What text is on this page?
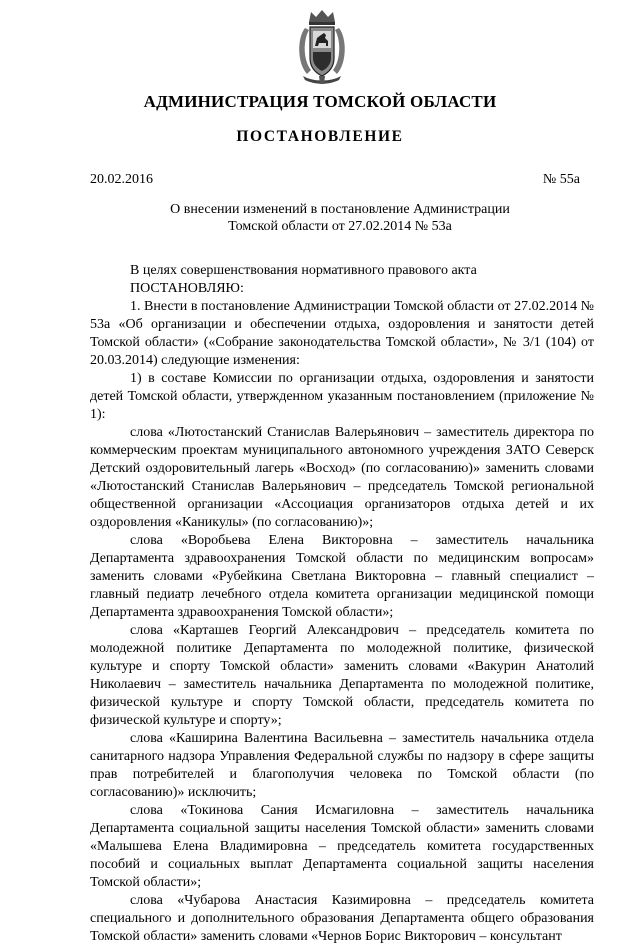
АДМИНИСТРАЦИЯ ТОМСКОЙ ОБЛАСТИ
ПОСТАНОВЛЕНИЕ
20.02.2016	№ 55а
О внесении изменений в постановление Администрации
Томской области от 27.02.2014 № 53а
В целях совершенствования нормативного правового акта
ПОСТАНОВЛЯЮ:
1. Внести в постановление Администрации Томской области от 27.02.2014 № 53а «Об организации и обеспечении отдыха, оздоровления и занятости детей Томской области» («Собрание законодательства Томской области», № 3/1 (104) от 20.03.2014) следующие изменения:
1) в составе Комиссии по организации отдыха, оздоровления и занятости детей Томской области, утвержденном указанным постановлением (приложение № 1):
слова «Лютостанский Станислав Валерьянович – заместитель директора по коммерческим проектам муниципального автономного учреждения ЗАТО Северск Детский оздоровительный лагерь «Восход» (по согласованию)» заменить словами «Лютостанский Станислав Валерьянович – председатель Томской региональной общественной организации «Ассоциация организаторов отдыха детей и их оздоровления «Каникулы» (по согласованию)»;
слова «Воробьева Елена Викторовна – заместитель начальника Департамента здравоохранения Томской области по медицинским вопросам» заменить словами «Рубейкина Светлана Викторовна – главный специалист – главный педиатр лечебного отдела комитета организации медицинской помощи Департамента здравоохранения Томской области»;
слова «Карташев Георгий Александрович – председатель комитета по молодежной политике Департамента по молодежной политике, физической культуре и спорту Томской области» заменить словами «Вакурин Анатолий Николаевич – заместитель начальника Департамента по молодежной политике, физической культуре и спорту Томской области, председатель комитета по физической культуре и спорту»;
слова «Каширина Валентина Васильевна – заместитель начальника отдела санитарного надзора Управления Федеральной службы по надзору в сфере защиты прав потребителей и благополучия человека по Томской области (по согласованию)» исключить;
слова «Токинова Сания Исмагиловна – заместитель начальника Департамента социальной защиты населения Томской области» заменить словами «Малышева Елена Владимировна – председатель комитета государственных пособий и социальных выплат Департамента социальной защиты населения Томской области»;
слова «Чубарова Анастасия Казимировна – председатель комитета специального и дополнительного образования Департамента общего образования Томской области» заменить словами «Чернов Борис Викторович – консультант
